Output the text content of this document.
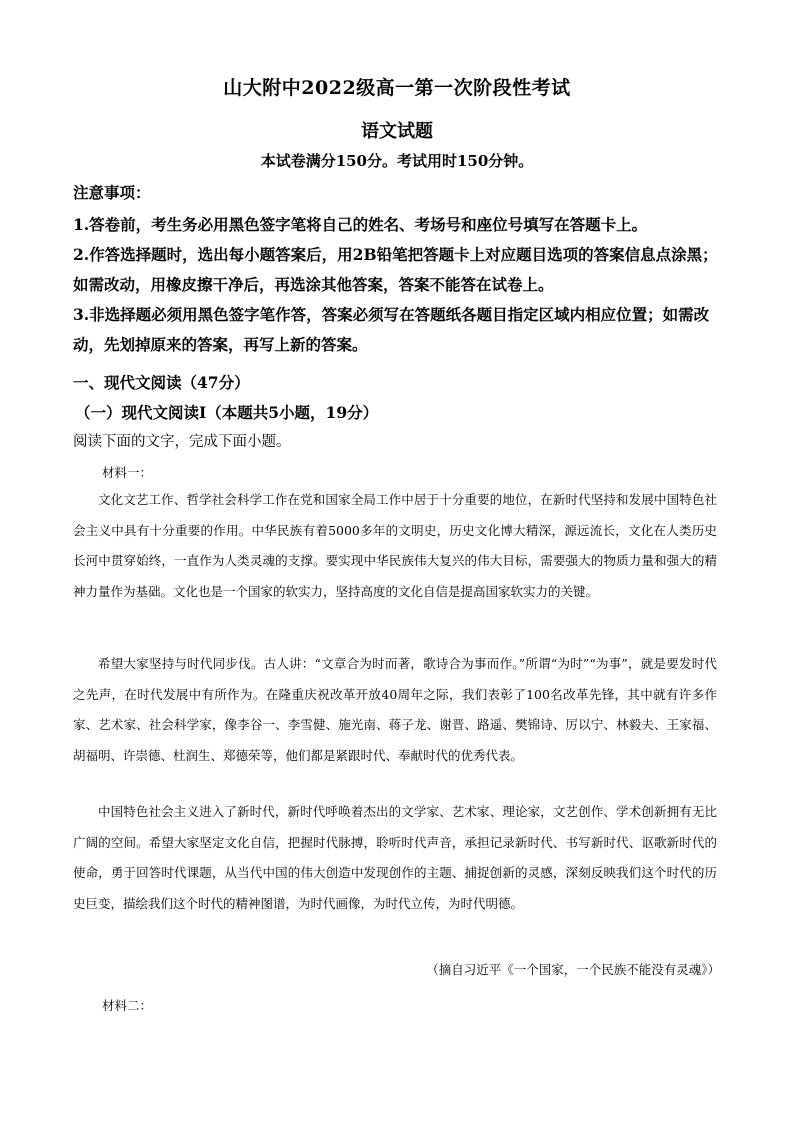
山大附中2022级高一第一次阶段性考试
语文试题
本试卷满分150分。考试用时150分钟。
注意事项：
1.答卷前，考生务必用黑色签字笔将自己的姓名、考场号和座位号填写在答题卡上。
2.作答选择题时，选出每小题答案后，用2B铅笔把答题卡上对应题目选项的答案信息点涂黑；如需改动，用橡皮擦干净后，再选涂其他答案，答案不能答在试卷上。
3.非选择题必须用黑色签字笔作答，答案必须写在答题纸各题目指定区域内相应位置；如需改动，先划掉原来的答案，再写上新的答案。
一、现代文阅读（47分）
（一）现代文阅读Ⅰ（本题共5小题，19分）
阅读下面的文字，完成下面小题。
材料一：
文化文艺工作、哲学社会科学工作在党和国家全局工作中居于十分重要的地位，在新时代坚持和发展中国特色社会主义中具有十分重要的作用。中华民族有着5000多年的文明史，历史文化博大精深，源远流长，文化在人类历史长河中贯穿始终，一直作为人类灵魂的支撑。要实现中华民族伟大复兴的伟大目标，需要强大的物质力量和强大的精神力量作为基础。文化也是一个国家的软实力，坚持高度的文化自信是提高国家软实力的关键。
希望大家坚持与时代同步伐。古人讲：“文章合为时而著，歌诗合为事而作。”所谓“为时”“为事”，就是要发时代之先声，在时代发展中有所作为。在隆重庆祝改革开放40周年之际，我们表彰了100名改革先锋，其中就有许多作家、艺术家、社会科学家，像李谷一、李雪健、施光南、蒋子龙、谢晋、路遥、樊锦诗、厉以宁、林毅夫、王家福、胡福明、许崇德、杜润生、郑德荣等，他们都是紧跟时代、奉献时代的优秀代表。
中国特色社会主义进入了新时代，新时代呼唤着杰出的文学家、艺术家、理论家，文艺创作、学术创新拥有无比广阔的空间。希望大家坚定文化自信，把握时代脉搏，聆听时代声音，承担记录新时代、书写新时代、讴歌新时代的使命，勇于回答时代课题，从当代中国的伟大创造中发现创作的主题、捕捉创新的灵感，深刻反映我们这个时代的历史巨变，描绘我们这个时代的精神图谱，为时代画像，为时代立传，为时代明德。
（摘自习近平《一个国家，一个民族不能没有灵魂》）
材料二：
